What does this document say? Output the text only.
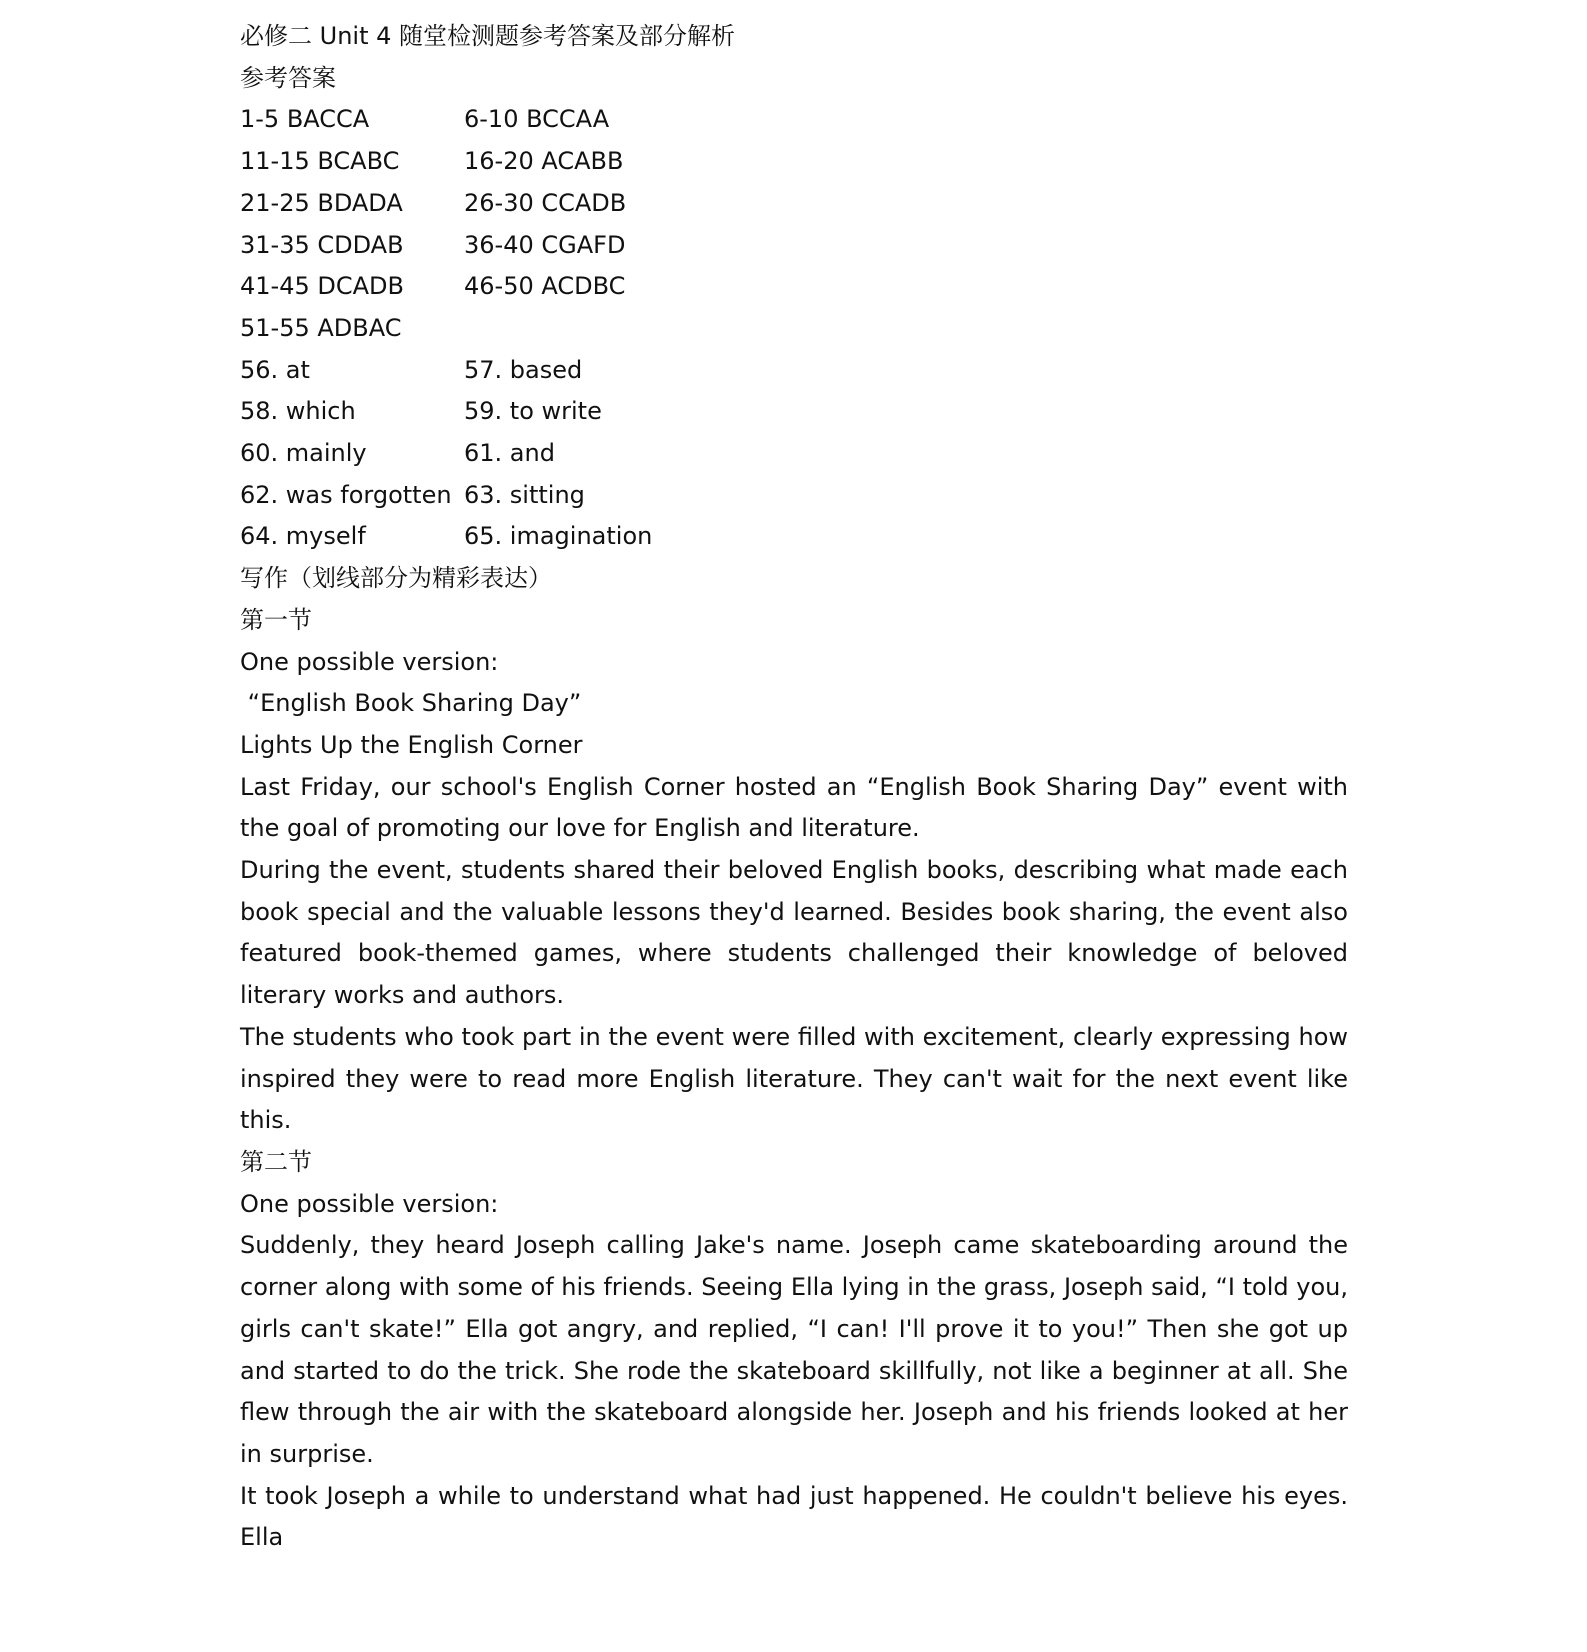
必修二 Unit 4 随堂检测题参考答案及部分解析
参考答案
1-5 BACCA	6-10 BCCAA
11-15 BCABC	16-20 ACABB
21-25 BDADA	26-30 CCADB
31-35 CDDAB	36-40 CGAFD
41-45 DCADB	46-50 ACDBC
51-55 ADBAC
56. at	57. based
58. which	59. to write
60. mainly	61. and
62. was forgotten 63. sitting
64. myself	65. imagination
写作（划线部分为精彩表达）
第一节
One possible version:
“English Book Sharing Day”
Lights Up the English Corner
Last Friday, our school's English Corner hosted an “English Book Sharing Day” event with the goal of promoting our love for English and literature.
During the event, students shared their beloved English books, describing what made each book special and the valuable lessons they'd learned. Besides book sharing, the event also featured book-themed games, where students challenged their knowledge of beloved literary works and authors.
The students who took part in the event were filled with excitement, clearly expressing how inspired they were to read more English literature. They can't wait for the next event like this.
第二节
One possible version:
Suddenly, they heard Joseph calling Jake's name. Joseph came skateboarding around the corner along with some of his friends. Seeing Ella lying in the grass, Joseph said, “I told you, girls can't skate!” Ella got angry, and replied, “I can! I'll prove it to you!” Then she got up and started to do the trick. She rode the skateboard skillfully, not like a beginner at all. She flew through the air with the skateboard alongside her. Joseph and his friends looked at her in surprise.
It took Joseph a while to understand what had just happened. He couldn't believe his eyes. Ella
